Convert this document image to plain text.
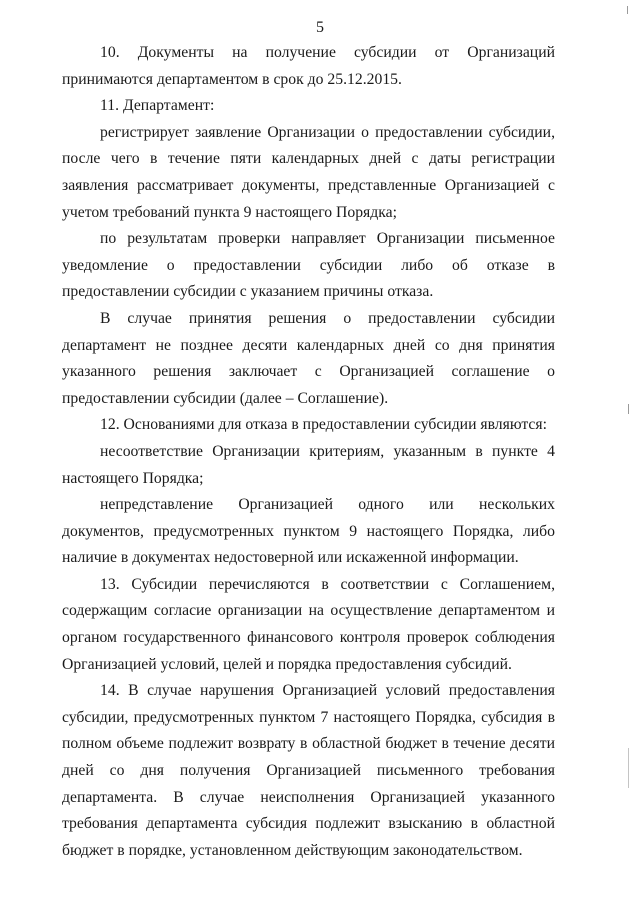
5

10. Документы на получение субсидии от Организаций принимаются департаментом в срок до 25.12.2015.

11. Департамент:

регистрирует заявление Организации о предоставлении субсидии, после чего в течение пяти календарных дней с даты регистрации заявления рассматривает документы, представленные Организацией с учетом требований пункта 9 настоящего Порядка;

по результатам проверки направляет Организации письменное уведомление о предоставлении субсидии либо об отказе в предоставлении субсидии с указанием причины отказа.

В случае принятия решения о предоставлении субсидии департамент не позднее десяти календарных дней со дня принятия указанного решения заключает с Организацией соглашение о предоставлении субсидии (далее – Соглашение).

12. Основаниями для отказа в предоставлении субсидии являются:

несоответствие Организации критериям, указанным в пункте 4 настоящего Порядка;

непредставление Организацией одного или нескольких документов, предусмотренных пунктом 9 настоящего Порядка, либо наличие в документах недостоверной или искаженной информации.

13. Субсидии перечисляются в соответствии с Соглашением, содержащим согласие организации на осуществление департаментом и органом государственного финансового контроля проверок соблюдения Организацией условий, целей и порядка предоставления субсидий.

14. В случае нарушения Организацией условий предоставления субсидии, предусмотренных пунктом 7 настоящего Порядка, субсидия в полном объеме подлежит возврату в областной бюджет в течение десяти дней со дня получения Организацией письменного требования департамента. В случае неисполнения Организацией указанного требования департамента субсидия подлежит взысканию в областной бюджет в порядке, установленном действующим законодательством.
